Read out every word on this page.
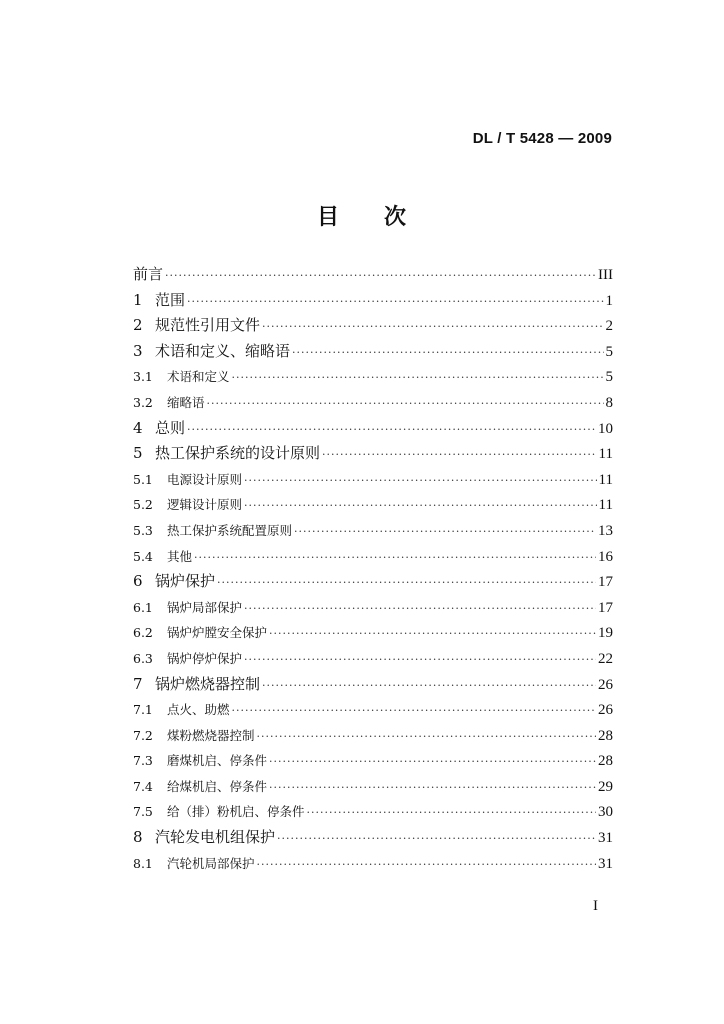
DL / T 5428 — 2009
目 次
前言 ·····	III
1 范围 ·····	1
2 规范性引用文件 ·····	2
3 术语和定义、缩略语 ·····	5
3.1	术语和定义 ·····	5
3.2	缩略语 ·····	8
4 总则 ·····	10
5 热工保护系统的设计原则 ·····	11
5.1	电源设计原则 ·····	11
5.2	逻辑设计原则 ·····	11
5.3	热工保护系统配置原则 ·····	13
5.4	其他 ·····	16
6 锅炉保护 ·····	17
6.1	锅炉局部保护 ·····	17
6.2	锅炉炉膛安全保护 ·····	19
6.3	锅炉停炉保护 ·····	22
7 锅炉燃烧器控制 ·····	26
7.1	点火、助燃 ·····	26
7.2	煤粉燃烧器控制 ·····	28
7.3	磨煤机启、停条件 ·····	28
7.4	给煤机启、停条件 ·····	29
7.5	给（排）粉机启、停条件 ·····	30
8 汽轮发电机组保护 ·····	31
8.1	汽轮机局部保护 ·····	31
I
